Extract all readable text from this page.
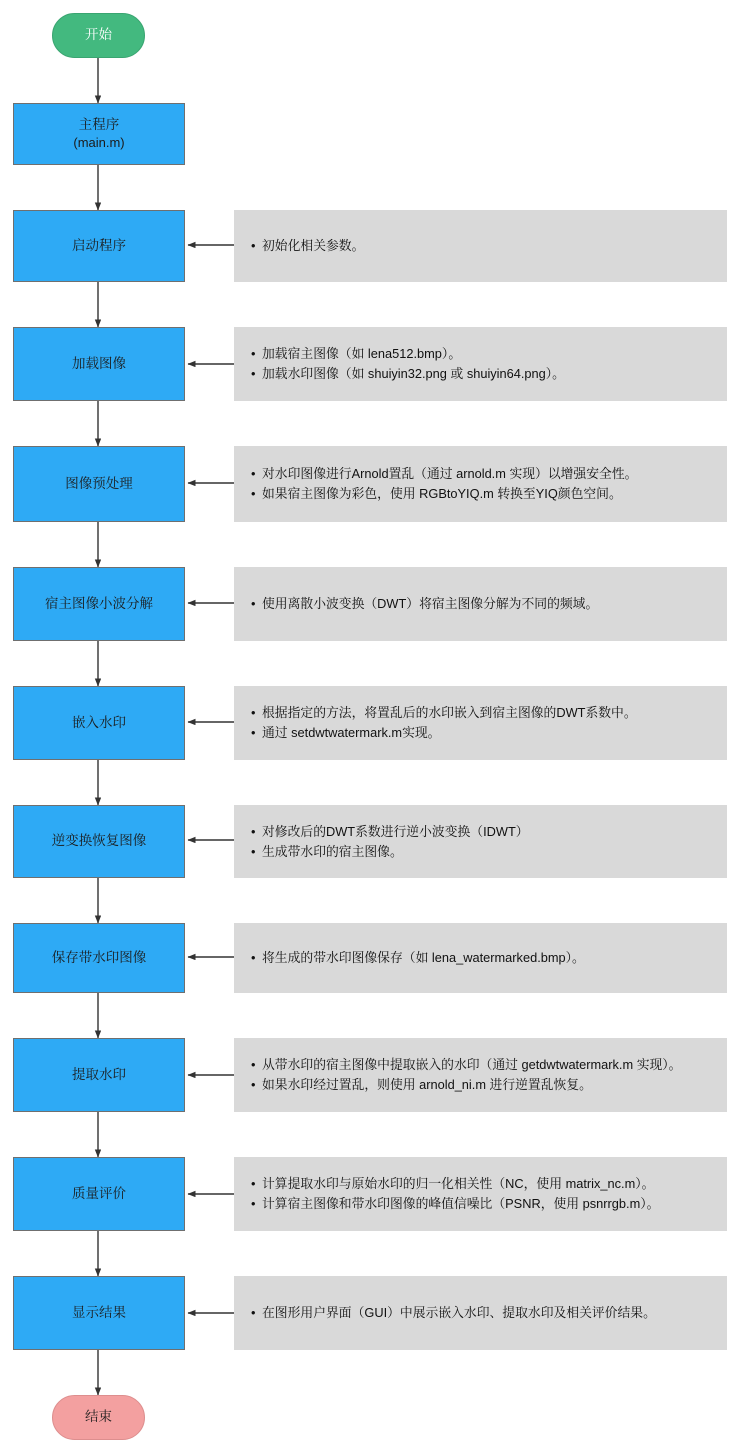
开始
主程序
(main.m)
启动程序
加载图像
图像预处理
宿主图像小波分解
嵌入水印
逆变换恢复图像
保存带水印图像
提取水印
质量评价
显示结果
结束
• 初始化相关参数。
• 加载宿主图像（如 lena512.bmp）。
• 加载水印图像（如 shuiyin32.png 或 shuiyin64.png）。
• 对水印图像进行Arnold置乱（通过 arnold.m 实现）以增强安全性。
• 如果宿主图像为彩色，使用 RGBtoYIQ.m 转换至YIQ颜色空间。
• 使用离散小波变换（DWT）将宿主图像分解为不同的频域。
• 根据指定的方法，将置乱后的水印嵌入到宿主图像的DWT系数中。
• 通过 setdwtwatermark.m实现。
• 对修改后的DWT系数进行逆小波变换（IDWT）
• 生成带水印的宿主图像。
• 将生成的带水印图像保存（如 lena_watermarked.bmp）。
• 从带水印的宿主图像中提取嵌入的水印（通过 getdwtwatermark.m 实现）。
• 如果水印经过置乱，则使用 arnold_ni.m 进行逆置乱恢复。
• 计算提取水印与原始水印的归一化相关性（NC，使用 matrix_nc.m）。
• 计算宿主图像和带水印图像的峰值信噪比（PSNR，使用 psnrrgb.m）。
• 在图形用户界面（GUI）中展示嵌入水印、提取水印及相关评价结果。
